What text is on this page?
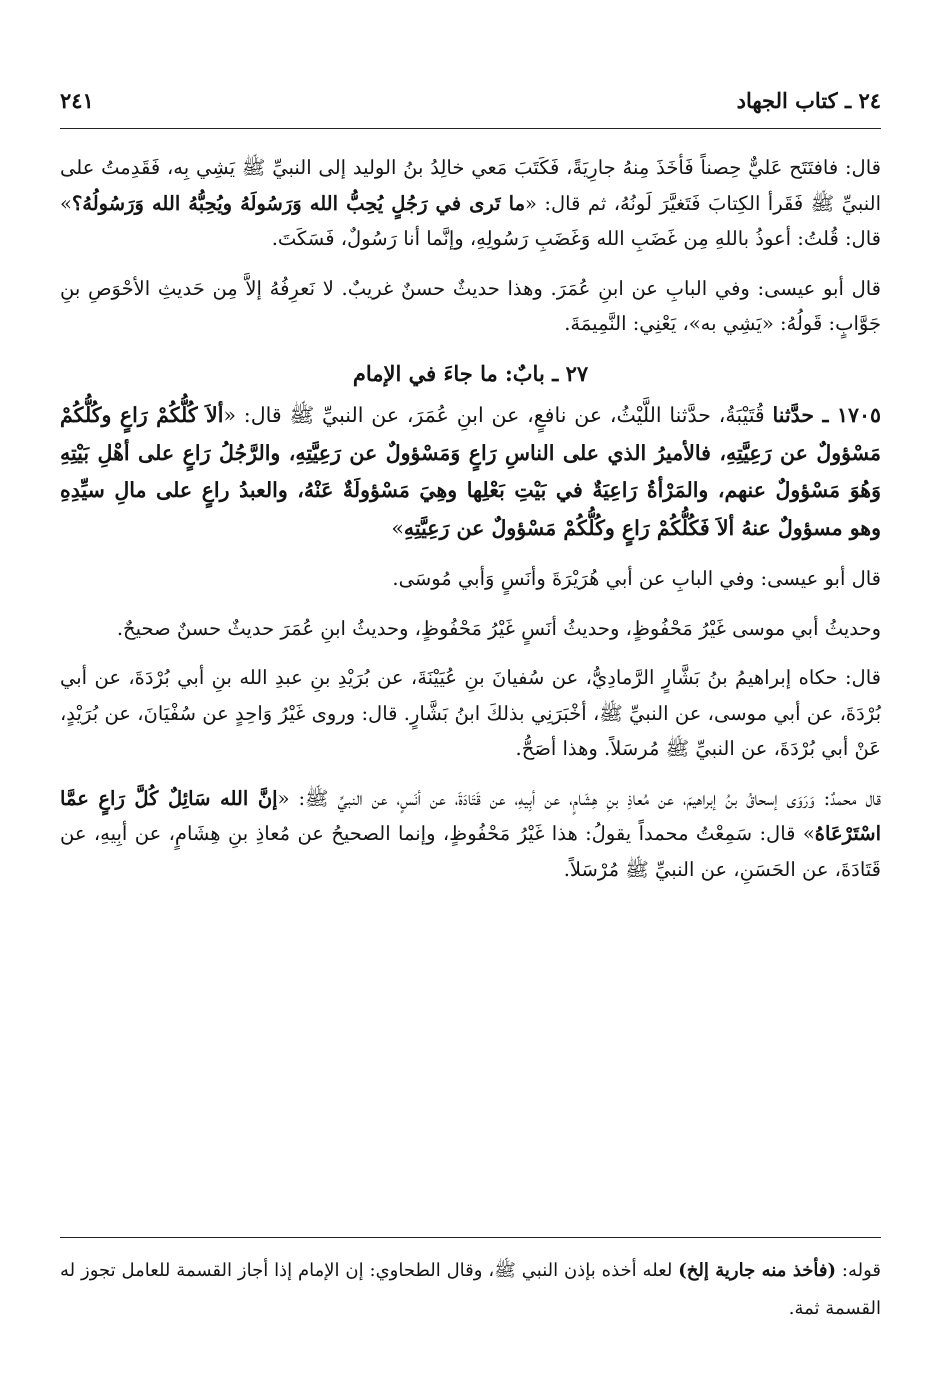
٢٤ ـ كتاب الجهاد
٢٤١

قال: فافتَتَح عَليٌّ حِصناً فَأخَذَ مِنهُ جارِيَةً، فَكَتَبَ مَعي خالِدُ بنُ الوليد إلى النبيِّ ﷺ يَشِي بِه، فَقَدِمتُ على النبيِّ ﷺ فَقَرأ الكِتابَ فَتَغيَّرَ لَونُهُ، ثم قال: «ما تَرى في رَجُلٍ يُحِبُّ الله وَرَسُولَهُ ويُحِبُّهُ الله وَرَسُولُهُ؟» قال: قُلتُ: أعوذُ باللهِ مِن غَضَبِ الله وَغَضَبِ رَسُولِهِ، وإنَّما أنا رَسُولٌ، فَسَكَتَ.

قال أبو عيسى: وفي البابِ عن ابنِ عُمَرَ. وهذا حديثٌ حسنٌ غريبٌ. لا نَعرِفُهُ إلاَّ مِن حَديثِ الأحْوَصِ بنِ جَوَّابٍ: قَولُهُ: «يَشِي به»، يَعْنِي: النَّمِيمَةَ.

٢٧ ـ بابٌ: ما جاءَ في الإمام

١٧٠٥ ـ حدَّثنا قُتَيْبَةُ، حدَّثنا اللَّيْثُ، عن نافعٍ، عن ابنِ عُمَرَ، عن النبيِّ ﷺ قال: «ألاَ كُلُّكُمْ رَاعٍ وكُلُّكُمْ مَسْؤولٌ عن رَعِيَّتِهِ، فالأميرُ الذي على الناسِ رَاعٍ وَمَسْؤولٌ عن رَعِيَّتِهِ، والرَّجُلُ رَاعٍ على أهْلِ بَيْتِهِ وَهُوَ مَسْؤولٌ عنهم، والمَرْأةُ رَاعِيَةٌ في بَيْتِ بَعْلِها وهِيَ مَسْؤولَةٌ عَنْهُ، والعبدُ راعٍ على مالِ سيِّدِهِ وهو مسؤولٌ عنهُ ألاَ فَكُلُّكُمْ رَاعٍ وكُلُّكُمْ مَسْؤولٌ عن رَعِيَّتِهِ»

قال أبو عيسى: وفي البابِ عن أبي هُرَيْرَةَ وأنَسٍ وَأبي مُوسَى.

وحديثُ أبي موسى غَيْرُ مَحْفُوظٍ، وحديثُ أنَسٍ غَيْرُ مَحْفُوظٍ، وحديثُ ابنِ عُمَرَ حديثٌ حسنٌ صحيحٌ.

قال: حكاه إبراهيمُ بنُ بَشَّارٍ الرَّمادِيُّ، عن سُفيانَ بنِ عُيَيْنَةَ، عن بُرَيْدِ بنِ عبدِ الله بنِ أبي بُرْدَةَ، عن أبي بُرْدَةَ، عن أبي موسى، عن النبيِّ ﷺ، أخْبَرَنِي بذلكَ ابنُ بَشَّارٍ. قال: وروى غَيْرُ وَاحِدٍ عن سُفْيَانَ، عن بُرَيْدٍ، عَنْ أبي بُرْدَةَ، عن النبيِّ ﷺ مُرسَلاً. وهذا أصَحُّ.

قال محمدٌ: وَرَوَى إسحاقُ بنُ إبراهيمَ، عن مُعاذِ بنِ هِشَامٍ، عن أبِيهِ، عن قَتَادَةَ، عن أنَسٍ، عن النبيِّ ﷺ: «إنَّ الله سَائِلٌ كُلَّ رَاعٍ عمَّا اسْتَرْعَاهُ» قال: سَمِعْتُ محمداً يقولُ: هذا غَيْرُ مَحْفُوظٍ، وإنما الصحيحُ عن مُعاذِ بنِ هِشَامٍ، عن أبِيهِ، عن قَتَادَةَ، عن الحَسَنِ، عن النبيِّ ﷺ مُرْسَلاً.

قوله: (فأخذ منه جارية إلخ) لعله أخذه بإذن النبي ﷺ، وقال الطحاوي: إن الإمام إذا أجاز القسمة للعامل تجوز له القسمة ثمة.
